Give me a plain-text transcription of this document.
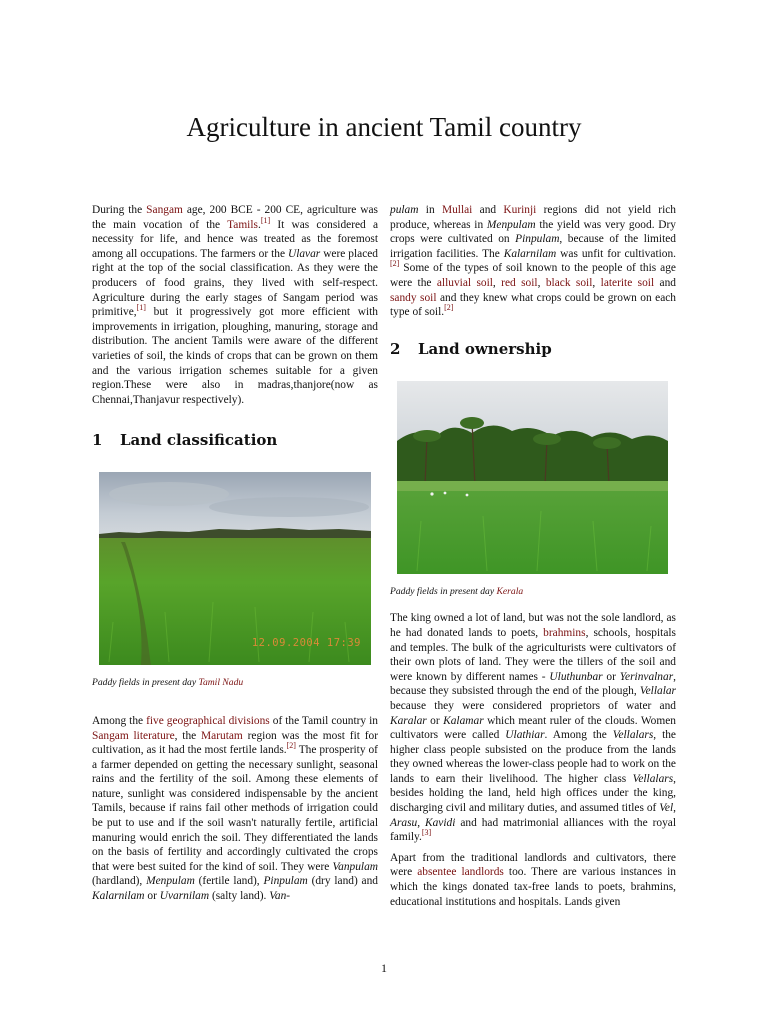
Agriculture in ancient Tamil country

During the Sangam age, 200 BCE - 200 CE, agriculture was the main vocation of the Tamils.[1] It was considered a necessity for life, and hence was treated as the foremost among all occupations. The farmers or the Ulavar were placed right at the top of the social classification. As they were the producers of food grains, they lived with self-respect. Agriculture during the early stages of Sangam period was primitive,[1] but it progressively got more efficient with improvements in irrigation, ploughing, manuring, storage and distribution. The ancient Tamils were aware of the different varieties of soil, the kinds of crops that can be grown on them and the various irrigation schemes suitable for a given region.These were also in madras,thanjore(now as Chennai,Thanjavur respectively).

1 Land classification
12.09.2004 17:39

Paddy fields in present day Tamil Nadu

Among the five geographical divisions of the Tamil country in Sangam literature, the Marutam region was the most fit for cultivation, as it had the most fertile lands.[2] The prosperity of a farmer depended on getting the necessary sunlight, seasonal rains and the fertility of the soil. Among these elements of nature, sunlight was considered indispensable by the ancient Tamils, because if rains fail other methods of irrigation could be put to use and if the soil wasn't naturally fertile, artificial manuring would enrich the soil. They differentiated the lands on the basis of fertility and accordingly cultivated the crops that were best suited for the kind of soil. They were Vanpulam (hardland), Menpulam (fertile land), Pinpulam (dry land) and Kalarnilam or Uvarnilam (salty land). Van-

pulam in Mullai and Kurinji regions did not yield rich produce, whereas in Menpulam the yield was very good. Dry crops were cultivated on Pinpulam, because of the limited irrigation facilities. The Kalarnilam was unfit for cultivation.[2] Some of the types of soil known to the people of this age were the alluvial soil, red soil, black soil, laterite soil and sandy soil and they knew what crops could be grown on each type of soil.[2]

2 Land ownership

Paddy fields in present day Kerala

The king owned a lot of land, but was not the sole landlord, as he had donated lands to poets, brahmins, schools, hospitals and temples. The bulk of the agriculturists were cultivators of their own plots of land. They were the tillers of the soil and were known by different names - Uluthunbar or Yerinvalnar, because they subsisted through the end of the plough, Vellalar because they were considered proprietors of water and Karalar or Kalamar which meant ruler of the clouds. Women cultivators were called Ulathiar. Among the Vellalars, the higher class people subsisted on the produce from the lands they owned whereas the lower-class people had to work on the lands to earn their livelihood. The higher class Vellalars, besides holding the land, held high offices under the king, discharging civil and military duties, and assumed titles of Vel, Arasu, Kavidi and had matrimonial alliances with the royal family.[3]

Apart from the traditional landlords and cultivators, there were absentee landlords too. There are various instances in which the kings donated tax-free lands to poets, brahmins, educational institutions and hospitals. Lands given

1
